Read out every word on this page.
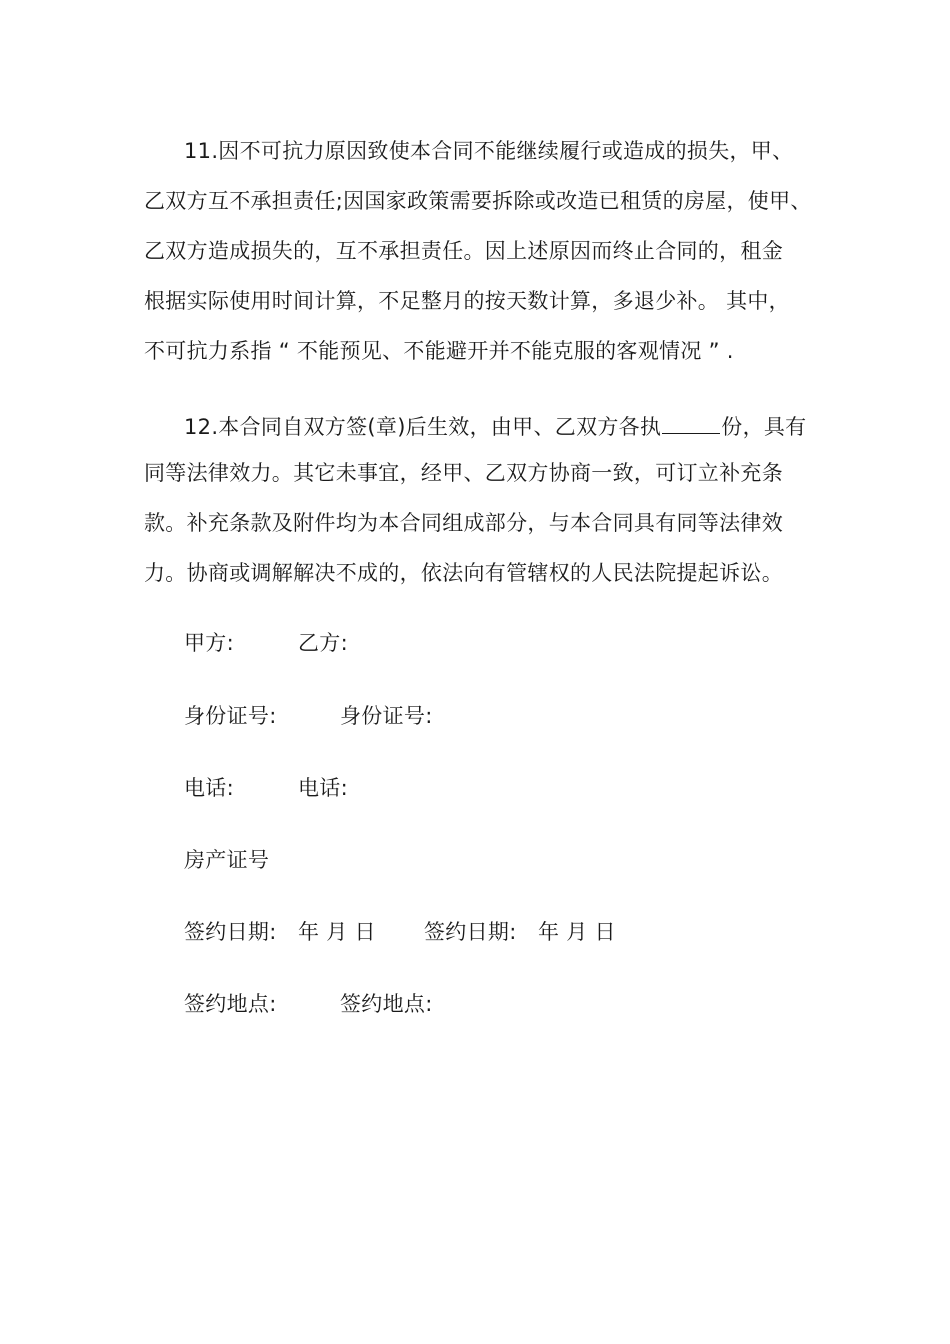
11.因不可抗力原因致使本合同不能继续履行或造成的损失，甲、
乙双方互不承担责任;因国家政策需要拆除或改造已租赁的房屋，使甲、
乙双方造成损失的，互不承担责任。因上述原因而终止合同的，租金
根据实际使用时间计算，不足整月的按天数计算，多退少补。 其中，
不可抗力系指 “ 不能预见、不能避开并不能克服的客观情况 ” .
12.本合同自双方签(章)后生效，由甲、乙双方各执	份，具有
同等法律效力。其它未事宜，经甲、乙双方协商一致，可订立补充条
款。补充条款及附件均为本合同组成部分，与本合同具有同等法律效
力。协商或调解解决不成的，依法向有管辖权的人民法院提起诉讼。
甲方:	乙方:
身份证号:	身份证号:
电话:	电话:
房产证号
签约日期: 年 月 日 签约日期: 年 月 日
签约地点:	签约地点:
